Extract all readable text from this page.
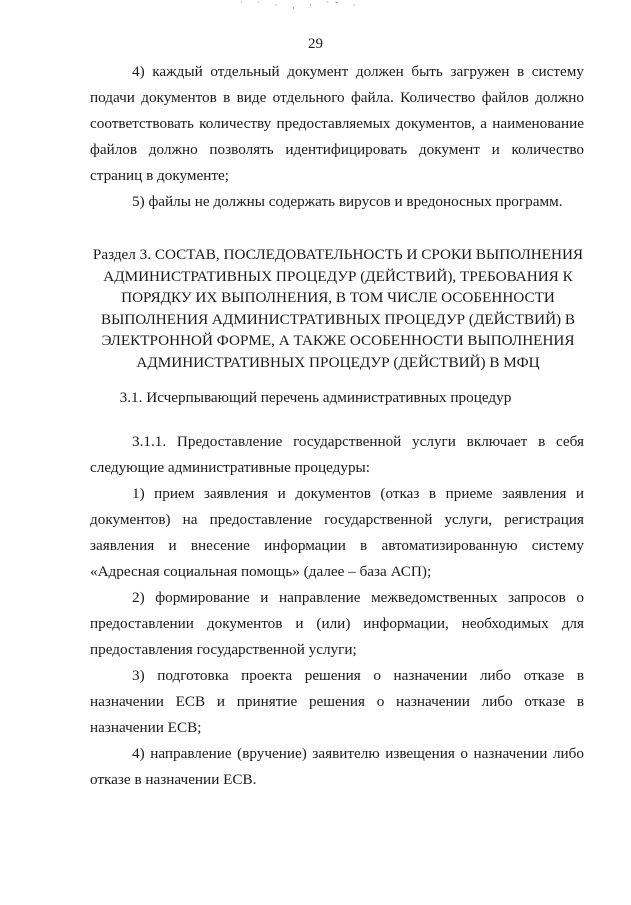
˙ ˙ · ‚ · ˙ˇ ·
29

4) каждый отдельный документ должен быть загружен в систему подачи документов в виде отдельного файла. Количество файлов должно соответствовать количеству предоставляемых документов, а наименование файлов должно позволять идентифицировать документ и количество страниц в документе;

5) файлы не должны содержать вирусов и вредоносных программ.

Раздел 3. СОСТАВ, ПОСЛЕДОВАТЕЛЬНОСТЬ И СРОКИ ВЫПОЛНЕНИЯ АДМИНИСТРАТИВНЫХ ПРОЦЕДУР (ДЕЙСТВИЙ), ТРЕБОВАНИЯ К ПОРЯДКУ ИХ ВЫПОЛНЕНИЯ, В ТОМ ЧИСЛЕ ОСОБЕННОСТИ ВЫПОЛНЕНИЯ АДМИНИСТРАТИВНЫХ ПРОЦЕДУР (ДЕЙСТВИЙ) В ЭЛЕКТРОННОЙ ФОРМЕ, А ТАКЖЕ ОСОБЕННОСТИ ВЫПОЛНЕНИЯ АДМИНИСТРАТИВНЫХ ПРОЦЕДУР (ДЕЙСТВИЙ) В МФЦ

3.1. Исчерпывающий перечень административных процедур

3.1.1. Предоставление государственной услуги включает в себя следующие административные процедуры:

1) прием заявления и документов (отказ в приеме заявления и документов) на предоставление государственной услуги, регистрация заявления и внесение информации в автоматизированную систему «Адресная социальная помощь» (далее – база АСП);

2) формирование и направление межведомственных запросов о предоставлении документов и (или) информации, необходимых для предоставления государственной услуги;

3) подготовка проекта решения о назначении либо отказе в назначении ЕСВ и принятие решения о назначении либо отказе в назначении ЕСВ;

4) направление (вручение) заявителю извещения о назначении либо отказе в назначении ЕСВ.
